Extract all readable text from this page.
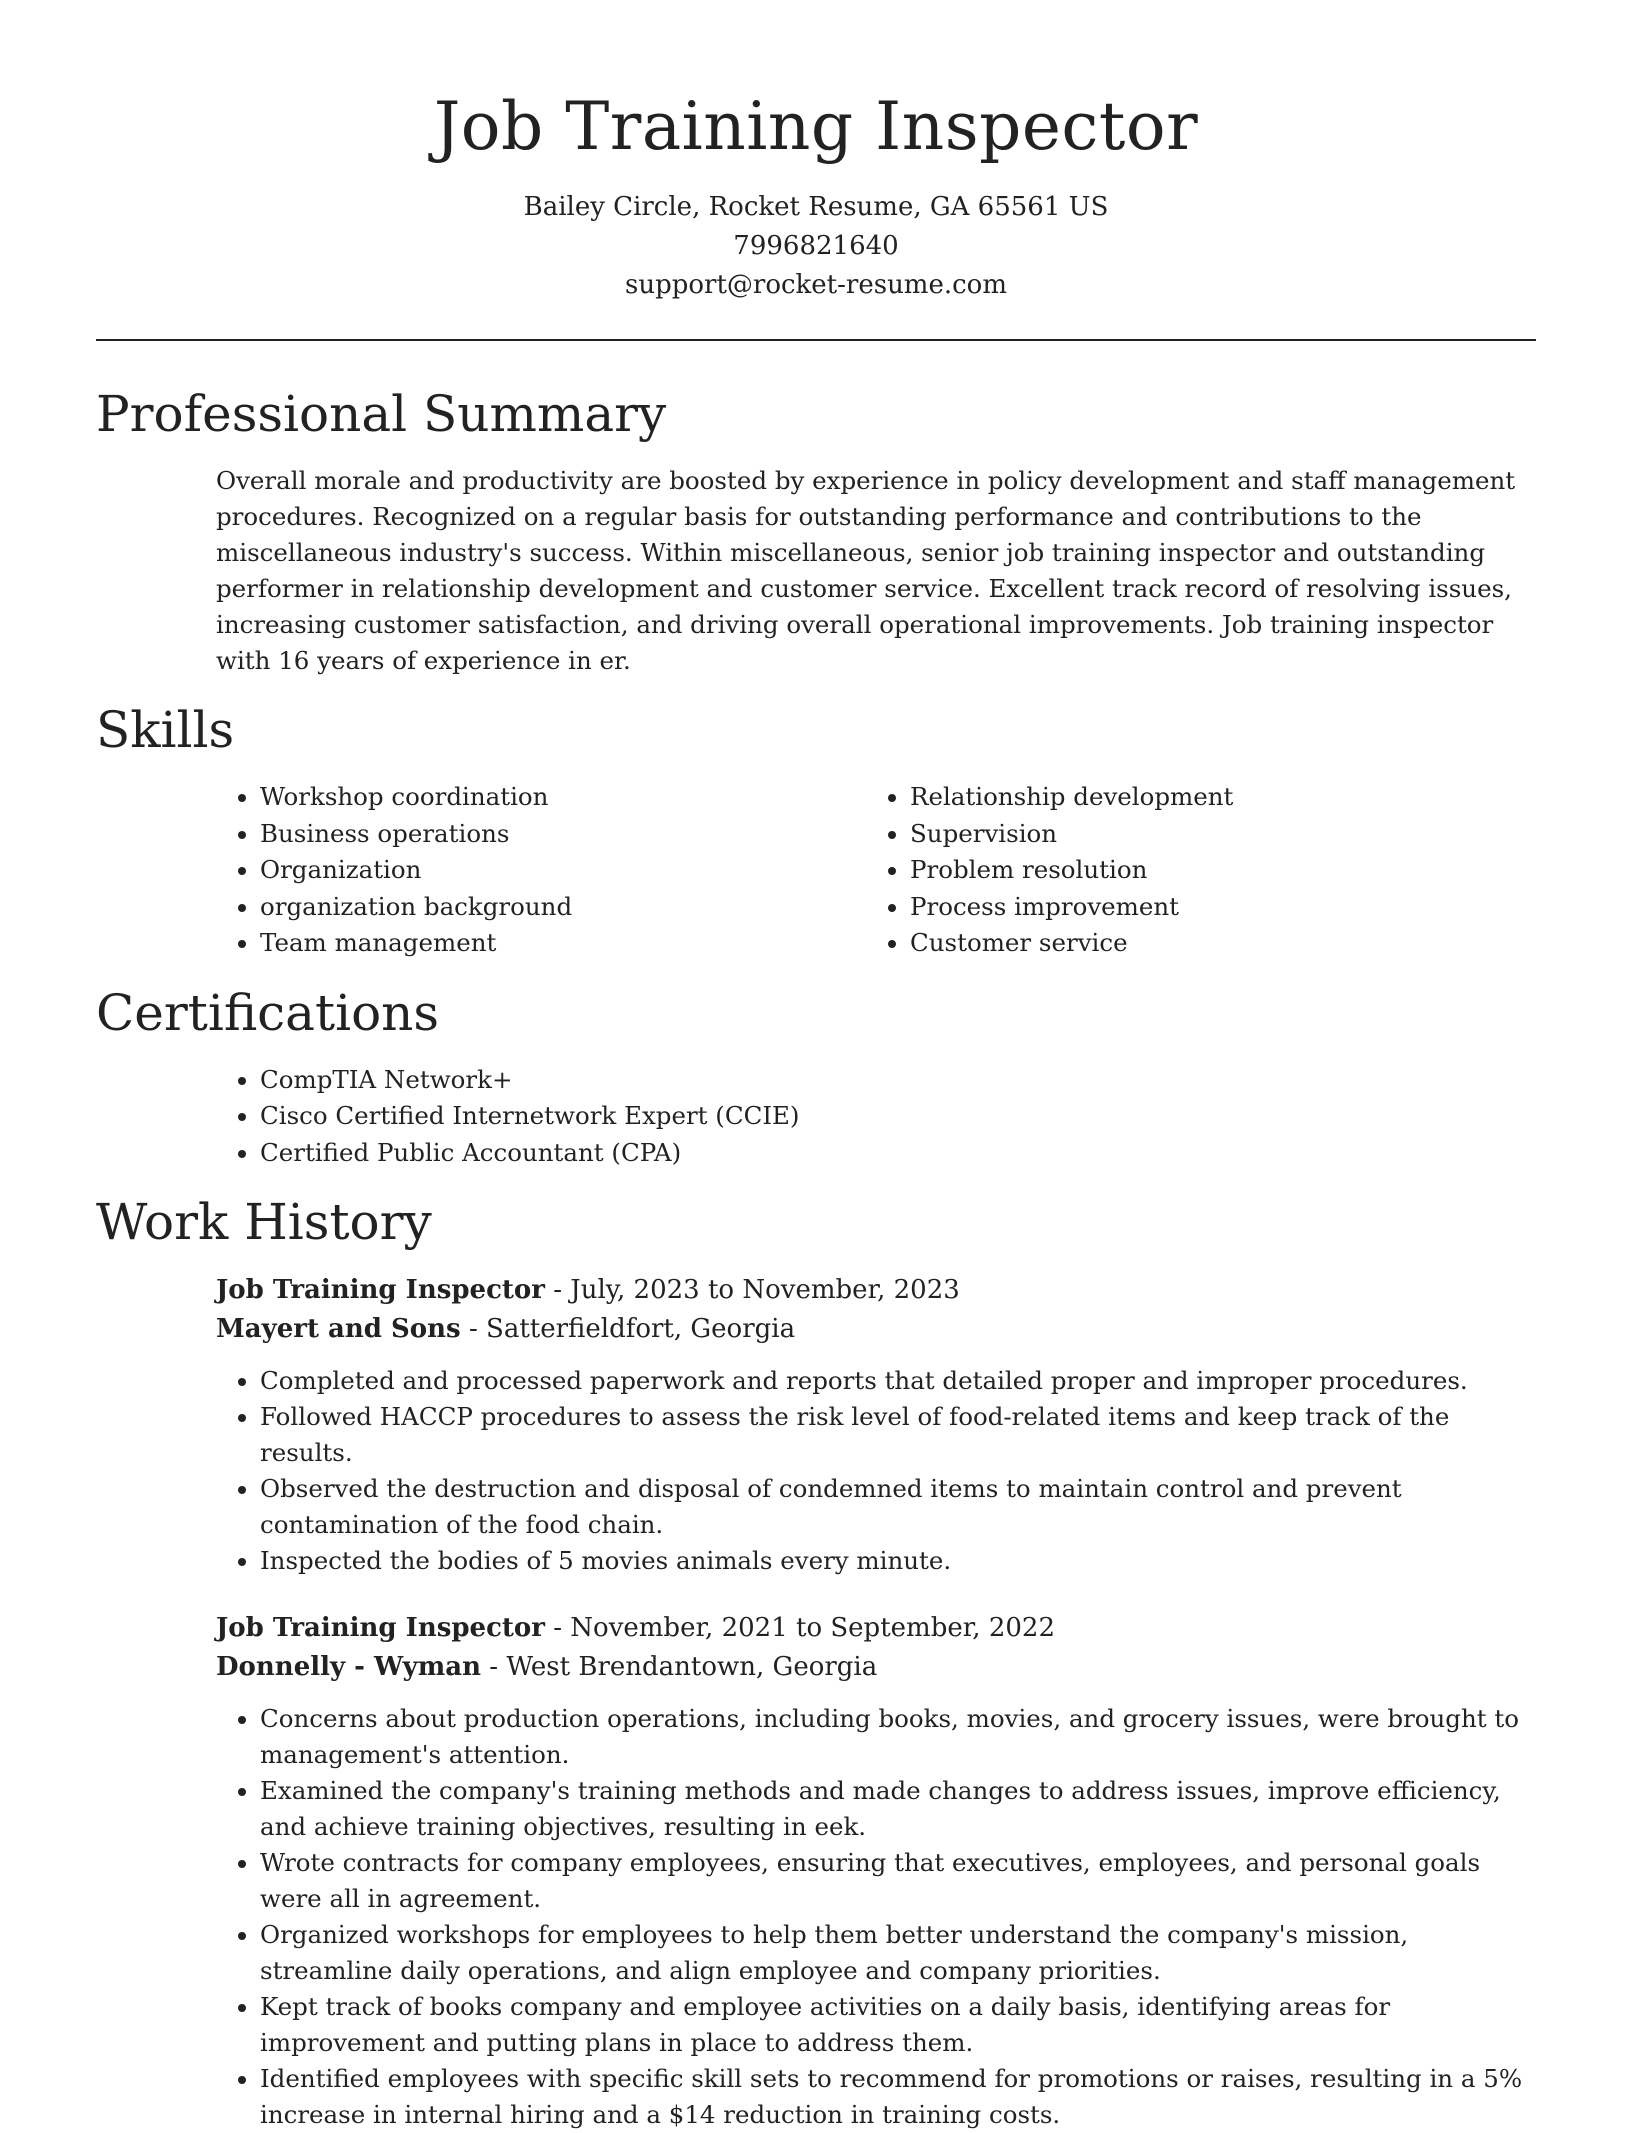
Job Training Inspector
Bailey Circle, Rocket Resume, GA 65561 US
7996821640
support@rocket-resume.com
Professional Summary

Overall morale and productivity are boosted by experience in policy development and staff management procedures. Recognized on a regular basis for outstanding performance and contributions to the miscellaneous industry's success. Within miscellaneous, senior job training inspector and outstanding performer in relationship development and customer service. Excellent track record of resolving issues, increasing customer satisfaction, and driving overall operational improvements. Job training inspector with 16 years of experience in er.

Skills
• Workshop coordination
• Business operations
• Organization
• organization background
• Team management
• Relationship development
• Supervision
• Problem resolution
• Process improvement
• Customer service
Certifications
• CompTIA Network+
• Cisco Certified Internetwork Expert (CCIE)
• Certified Public Accountant (CPA)
Work History
Job Training Inspector - July, 2023 to November, 2023
Mayert and Sons - Satterfieldfort, Georgia
• Completed and processed paperwork and reports that detailed proper and improper procedures.
• Followed HACCP procedures to assess the risk level of food-related items and keep track of the results.
• Observed the destruction and disposal of condemned items to maintain control and prevent contamination of the food chain.
• Inspected the bodies of 5 movies animals every minute.
Job Training Inspector - November, 2021 to September, 2022
Donnelly - Wyman - West Brendantown, Georgia
• Concerns about production operations, including books, movies, and grocery issues, were brought to management's attention.
• Examined the company's training methods and made changes to address issues, improve efficiency, and achieve training objectives, resulting in eek.
• Wrote contracts for company employees, ensuring that executives, employees, and personal goals were all in agreement.
• Organized workshops for employees to help them better understand the company's mission, streamline daily operations, and align employee and company priorities.
• Kept track of books company and employee activities on a daily basis, identifying areas for improvement and putting plans in place to address them.
• Identified employees with specific skill sets to recommend for promotions or raises, resulting in a 5% increase in internal hiring and a $14 reduction in training costs.
